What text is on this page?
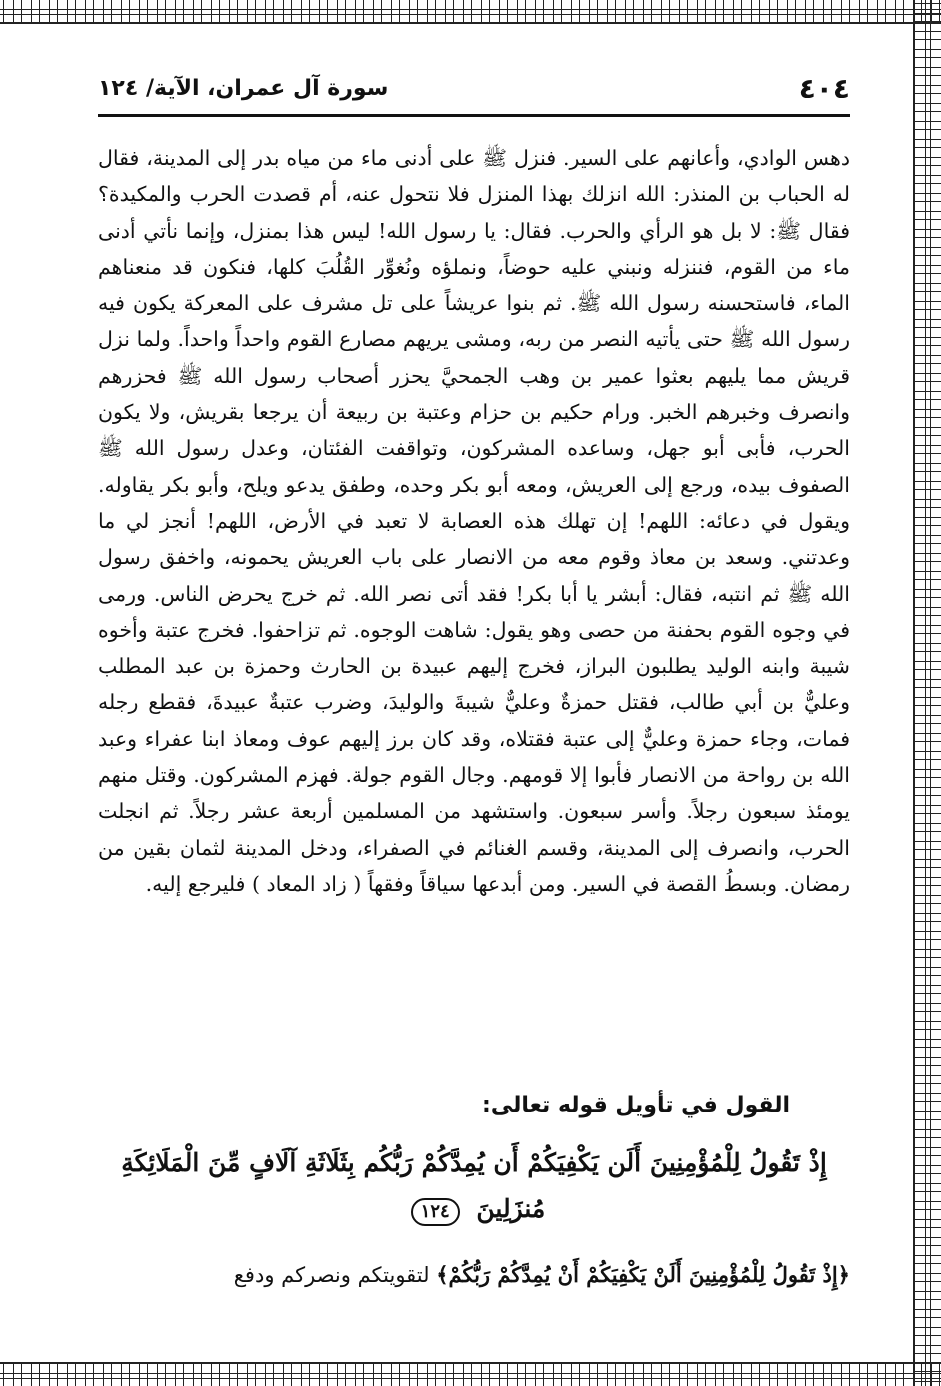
٤٠٤
سورة آل عمران، الآية/ ١٢٤

دهس الوادي، وأعانهم على السير. فنزل ﷺ على أدنى ماء من مياه بدر إلى المدينة، فقال له الحباب بن المنذر: الله انزلك بهذا المنزل فلا نتحول عنه، أم قصدت الحرب والمكيدة؟ فقال ﷺ: لا بل هو الرأي والحرب. فقال: يا رسول الله! ليس هذا بمنزل، وإنما نأتي أدنى ماء من القوم، فننزله ونبني عليه حوضاً، ونملؤه ونُغوِّر القُلُبَ كلها، فنكون قد منعناهم الماء، فاستحسنه رسول الله ﷺ. ثم بنوا عريشاً على تل مشرف على المعركة يكون فيه رسول الله ﷺ حتى يأتيه النصر من ربه، ومشى يريهم مصارع القوم واحداً واحداً. ولما نزل قريش مما يليهم بعثوا عمير بن وهب الجمحيَّ يحزر أصحاب رسول الله ﷺ فحزرهم وانصرف وخبرهم الخبر. ورام حكيم بن حزام وعتبة بن ربيعة أن يرجعا بقريش، ولا يكون الحرب، فأبى أبو جهل، وساعده المشركون، وتواقفت الفئتان، وعدل رسول الله ﷺ الصفوف بيده، ورجع إلى العريش، ومعه أبو بكر وحده، وطفق يدعو ويلح، وأبو بكر يقاوله. ويقول في دعائه: اللهم! إن تهلك هذه العصابة لا تعبد في الأرض، اللهم! أنجز لي ما وعدتني. وسعد بن معاذ وقوم معه من الانصار على باب العريش يحمونه، واخفق رسول الله ﷺ ثم انتبه، فقال: أبشر يا أبا بكر! فقد أتى نصر الله. ثم خرج يحرض الناس. ورمى في وجوه القوم بحفنة من حصى وهو يقول: شاهت الوجوه. ثم تزاحفوا. فخرج عتبة وأخوه شيبة وابنه الوليد يطلبون البراز، فخرج إليهم عبيدة بن الحارث وحمزة بن عبد المطلب وعليٌّ بن أبي طالب، فقتل حمزةٌ وعليٌّ شيبةَ والوليدَ، وضرب عتبةٌ عبيدةَ، فقطع رجله فمات، وجاء حمزة وعليٌّ إلى عتبة فقتلاه، وقد كان برز إليهم عوف ومعاذ ابنا عفراء وعبد الله بن رواحة من الانصار فأبوا إلا قومهم. وجال القوم جولة. فهزم المشركون. وقتل منهم يومئذ سبعون رجلاً. وأسر سبعون. واستشهد من المسلمين أربعة عشر رجلاً. ثم انجلت الحرب، وانصرف إلى المدينة، وقسم الغنائم في الصفراء، ودخل المدينة لثمان بقين من رمضان. وبسطُ القصة في السير. ومن أبدعها سياقاً وفقهاً ( زاد المعاد ) فليرجع إليه.

القول في تأويل قوله تعالى:
إِذْ تَقُولُ لِلْمُؤْمِنِينَ أَلَن يَكْفِيَكُمْ أَن يُمِدَّكُمْ رَبُّكُم بِثَلَاثَةِ آلَافٍ مِّنَ الْمَلَائِكَةِ مُنزَلِينَ ١٢٤
﴿إِذْ تَقُولُ لِلْمُؤْمِنِينَ أَلَنْ يَكْفِيَكُمْ أَنْ يُمِدَّكُمْ رَبُّكُمْ﴾ لتقويتكم ونصركم ودفع
